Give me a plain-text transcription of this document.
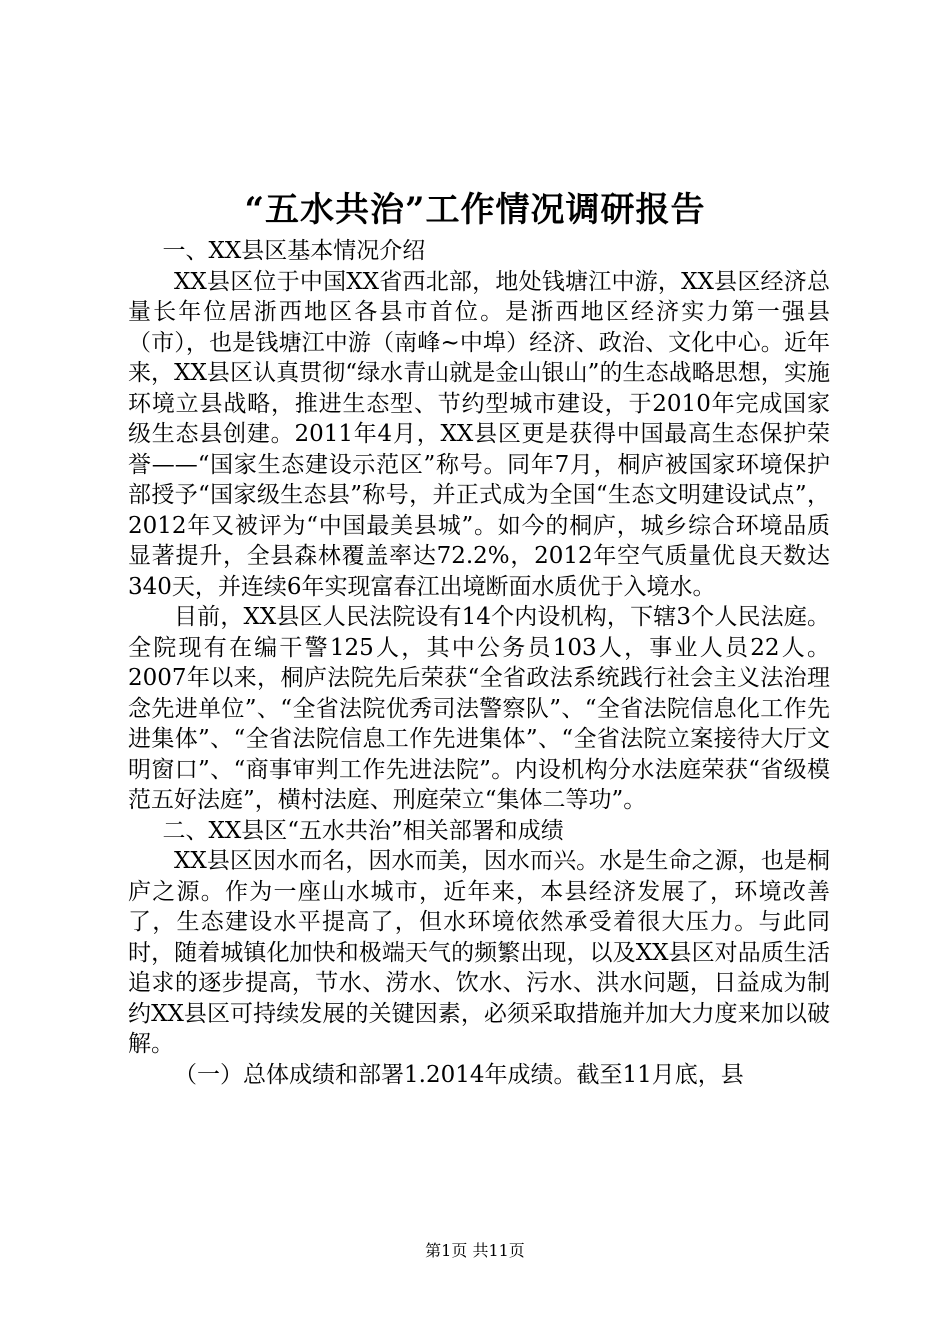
“五水共治”工作情况调研报告

一、XX县区基本情况介绍

XX县区位于中国XX省西北部，地处钱塘江中游，XX县区经济总量长年位居浙西地区各县市首位。是浙西地区经济实力第一强县（市），也是钱塘江中游（南峰~中埠）经济、政治、文化中心。近年来，XX县区认真贯彻“绿水青山就是金山银山”的生态战略思想，实施环境立县战略，推进生态型、节约型城市建设，于2010年完成国家级生态县创建。2011年4月，XX县区更是获得中国最高生态保护荣誉——“国家生态建设示范区”称号。同年7月，桐庐被国家环境保护部授予“国家级生态县”称号，并正式成为全国“生态文明建设试点”，2012年又被评为“中国最美县城”。如今的桐庐，城乡综合环境品质显著提升，全县森林覆盖率达72.2%，2012年空气质量优良天数达340天，并连续6年实现富春江出境断面水质优于入境水。

目前，XX县区人民法院设有14个内设机构，下辖3个人民法庭。全院现有在编干警125人，其中公务员103人，事业人员22人。2007年以来，桐庐法院先后荣获“全省政法系统践行社会主义法治理念先进单位”、“全省法院优秀司法警察队”、“全省法院信息化工作先进集体”、“全省法院信息工作先进集体”、“全省法院立案接待大厅文明窗口”、“商事审判工作先进法院”。内设机构分水法庭荣获“省级模范五好法庭”，横村法庭、刑庭荣立“集体二等功”。

二、XX县区“五水共治”相关部署和成绩

XX县区因水而名，因水而美，因水而兴。水是生命之源，也是桐庐之源。作为一座山水城市，近年来，本县经济发展了，环境改善了，生态建设水平提高了，但水环境依然承受着很大压力。与此同时，随着城镇化加快和极端天气的频繁出现，以及XX县区对品质生活追求的逐步提高，节水、涝水、饮水、污水、洪水问题，日益成为制约XX县区可持续发展的关键因素，必须采取措施并加大力度来加以破解。

（一）总体成绩和部署1.2014年成绩。截至11月底，县

第1页 共11页
